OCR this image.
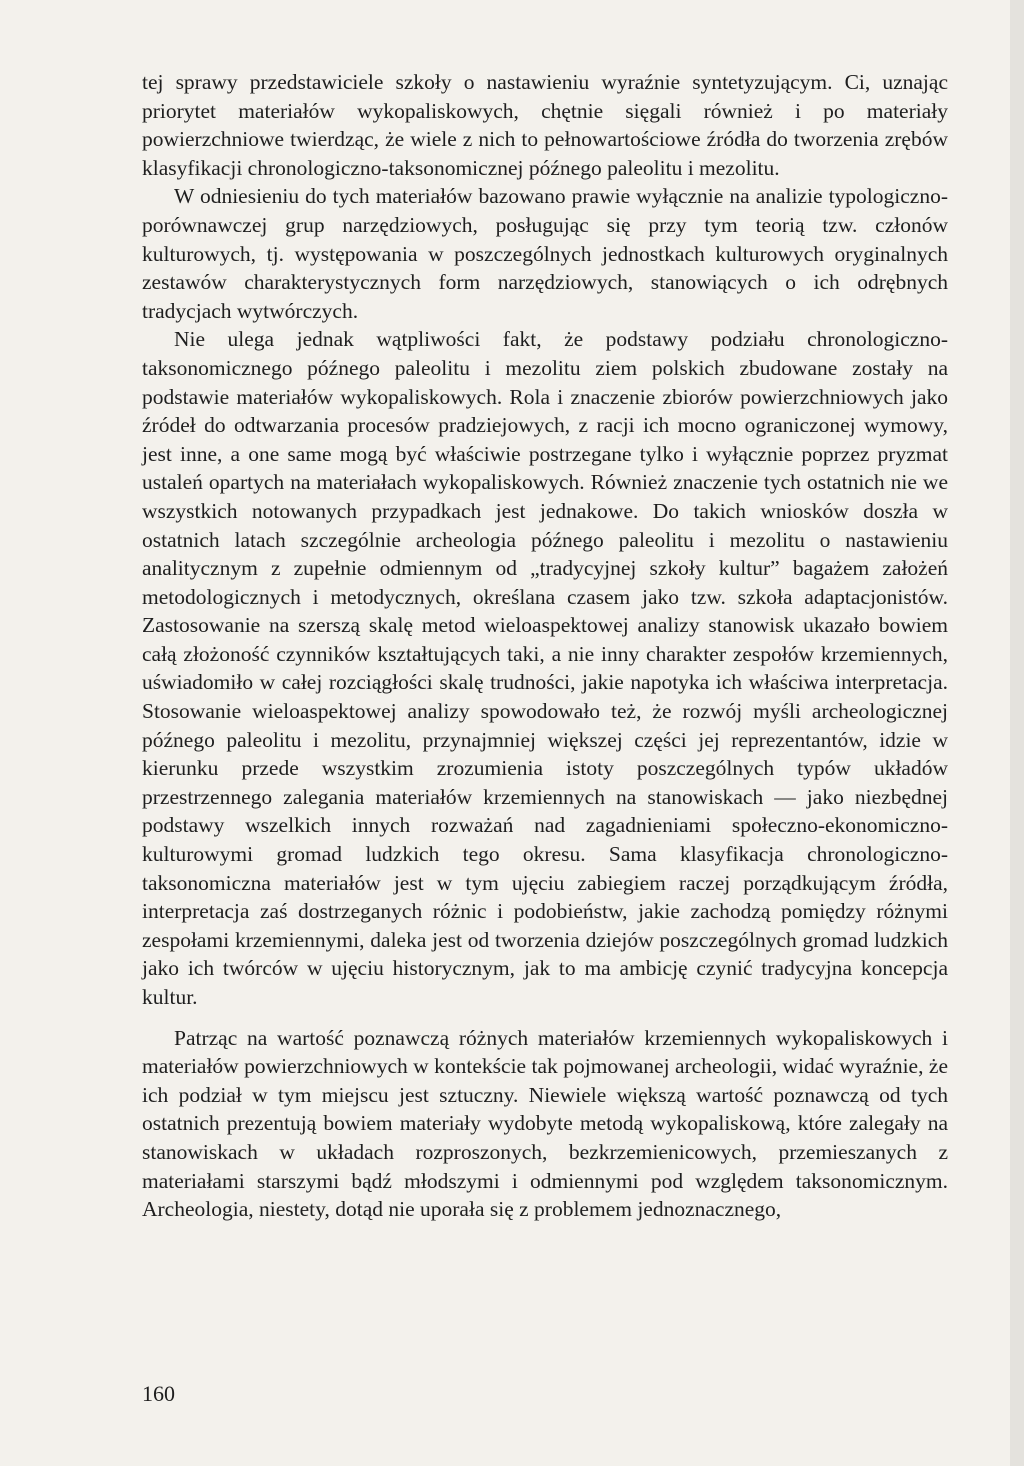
tej sprawy przedstawiciele szkoły o nastawieniu wyraźnie syntetyzującym. Ci, uznając priorytet materiałów wykopaliskowych, chętnie sięgali również i po materiały powierzchniowe twierdząc, że wiele z nich to pełnowartościowe źródła do tworzenia zrębów klasyfikacji chronologiczno-taksonomicznej późnego paleolitu i mezolitu.

W odniesieniu do tych materiałów bazowano prawie wyłącznie na analizie typologiczno-porównawczej grup narzędziowych, posługując się przy tym teorią tzw. członów kulturowych, tj. występowania w poszczególnych jednostkach kulturowych oryginalnych zestawów charakterystycznych form narzędziowych, stanowiących o ich odrębnych tradycjach wytwórczych.

Nie ulega jednak wątpliwości fakt, że podstawy podziału chronologiczno-taksonomicznego późnego paleolitu i mezolitu ziem polskich zbudowane zostały na podstawie materiałów wykopaliskowych. Rola i znaczenie zbiorów powierzchniowych jako źródeł do odtwarzania procesów pradziejowych, z racji ich mocno ograniczonej wymowy, jest inne, a one same mogą być właściwie postrzegane tylko i wyłącznie poprzez pryzmat ustaleń opartych na materiałach wykopaliskowych. Również znaczenie tych ostatnich nie we wszystkich notowanych przypadkach jest jednakowe. Do takich wniosków doszła w ostatnich latach szczególnie archeologia późnego paleolitu i mezolitu o nastawieniu analitycznym z zupełnie odmiennym od „tradycyjnej szkoły kultur” bagażem założeń metodologicznych i metodycznych, określana czasem jako tzw. szkoła adaptacjonistów. Zastosowanie na szerszą skalę metod wieloaspektowej analizy stanowisk ukazało bowiem całą złożoność czynników kształtujących taki, a nie inny charakter zespołów krzemiennych, uświadomiło w całej rozciągłości skalę trudności, jakie napotyka ich właściwa interpretacja. Stosowanie wieloaspektowej analizy spowodowało też, że rozwój myśli archeologicznej późnego paleolitu i mezolitu, przynajmniej większej części jej reprezentantów, idzie w kierunku przede wszystkim zrozumienia istoty poszczególnych typów układów przestrzennego zalegania materiałów krzemiennych na stanowiskach — jako niezbędnej podstawy wszelkich innych rozważań nad zagadnieniami społeczno-ekonomiczno-kulturowymi gromad ludzkich tego okresu. Sama klasyfikacja chronologiczno-taksonomiczna materiałów jest w tym ujęciu zabiegiem raczej porządkującym źródła, interpretacja zaś dostrzeganych różnic i podobieństw, jakie zachodzą pomiędzy różnymi zespołami krzemiennymi, daleka jest od tworzenia dziejów poszczególnych gromad ludzkich jako ich twórców w ujęciu historycznym, jak to ma ambicję czynić tradycyjna koncepcja kultur.

Patrząc na wartość poznawczą różnych materiałów krzemiennych wykopaliskowych i materiałów powierzchniowych w kontekście tak pojmowanej archeologii, widać wyraźnie, że ich podział w tym miejscu jest sztuczny. Niewiele większą wartość poznawczą od tych ostatnich prezentują bowiem materiały wydobyte metodą wykopaliskową, które zalegały na stanowiskach w układach rozproszonych, bezkrzemienicowych, przemieszanych z materiałami starszymi bądź młodszymi i odmiennymi pod względem taksonomicznym. Archeologia, niestety, dotąd nie uporała się z problemem jednoznacznego,

160
